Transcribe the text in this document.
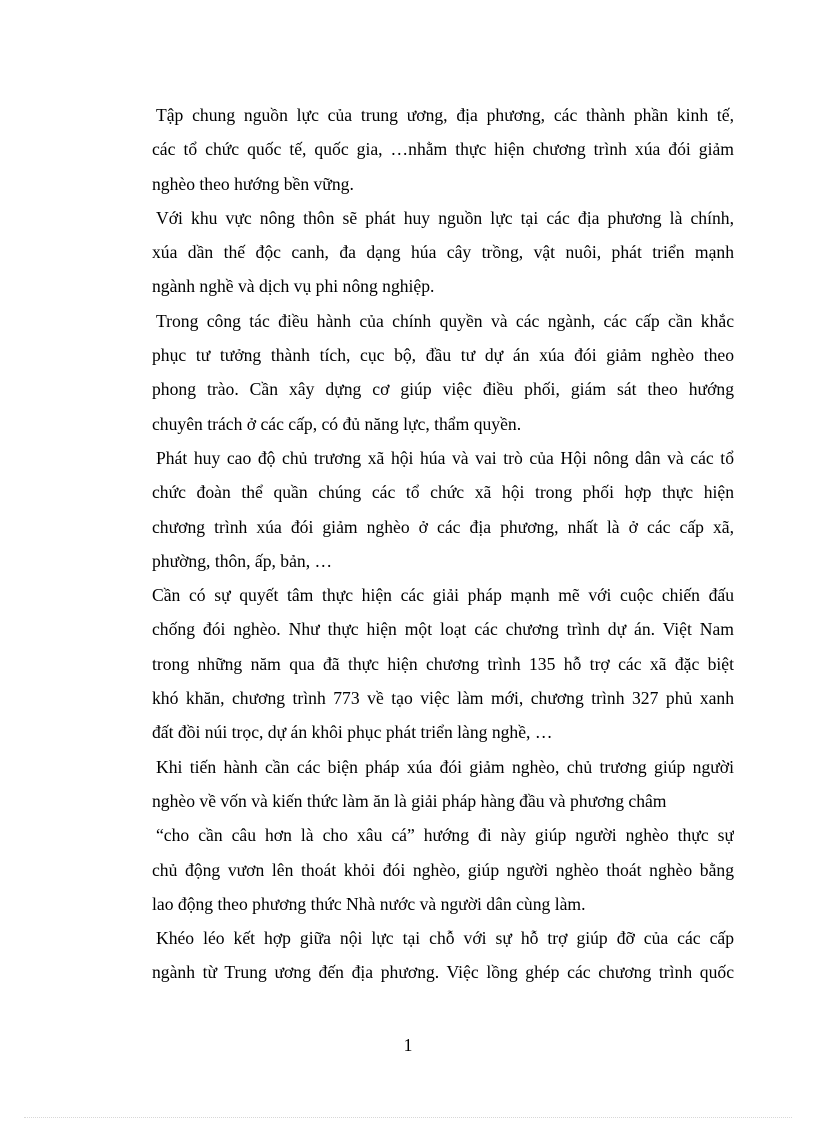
Tập chung nguồn lực của trung ương, địa phương, các thành phần kinh tế,
các tổ chức quốc tế, quốc gia, …nhằm thực hiện chương trình xúa đói giảm
nghèo theo hướng bền vững.
Với khu vực nông thôn sẽ phát huy nguồn lực tại các địa phương là chính,
xúa dần thế độc canh, đa dạng húa cây trồng, vật nuôi, phát triển mạnh
ngành nghề và dịch vụ phi nông nghiệp.
Trong công tác điều hành của chính quyền và các ngành, các cấp cần khắc
phục tư tưởng thành tích, cục bộ, đầu tư dự án xúa đói giảm nghèo theo
phong trào. Cần xây dựng cơ giúp việc điều phối, giám sát theo hướng
chuyên trách ở các cấp, có đủ năng lực, thẩm quyền.
Phát huy cao độ chủ trương xã hội húa và vai trò của Hội nông dân và các tổ
chức đoàn thể quần chúng các tổ chức xã hội trong phối hợp thực hiện
chương trình xúa đói giảm nghèo ở các địa phương, nhất là ở các cấp xã,
phường, thôn, ấp, bản, …
Cần có sự quyết tâm thực hiện các giải pháp mạnh mẽ với cuộc chiến đấu
chống đói nghèo. Như thực hiện một loạt các chương trình dự án. Việt Nam
trong những năm qua đã thực hiện chương trình 135 hỗ trợ các xã đặc biệt
khó khăn, chương trình 773 về tạo việc làm mới, chương trình 327 phủ xanh
đất đồi núi trọc, dự án khôi phục phát triển làng nghề, …
Khi tiến hành cần các biện pháp xúa đói giảm nghèo, chủ trương giúp người
nghèo về vốn và kiến thức làm ăn là giải pháp hàng đầu và phương châm
“cho cần câu hơn là cho xâu cá” hướng đi này giúp người nghèo thực sự
chủ động vươn lên thoát khỏi đói nghèo, giúp người nghèo thoát nghèo bằng
lao động theo phương thức Nhà nước và người dân cùng làm.
Khéo léo kết hợp giữa nội lực tại chỗ với sự hỗ trợ giúp đỡ của các cấp
ngành từ Trung ương đến địa phương. Việc lồng ghép các chương trình quốc
1
